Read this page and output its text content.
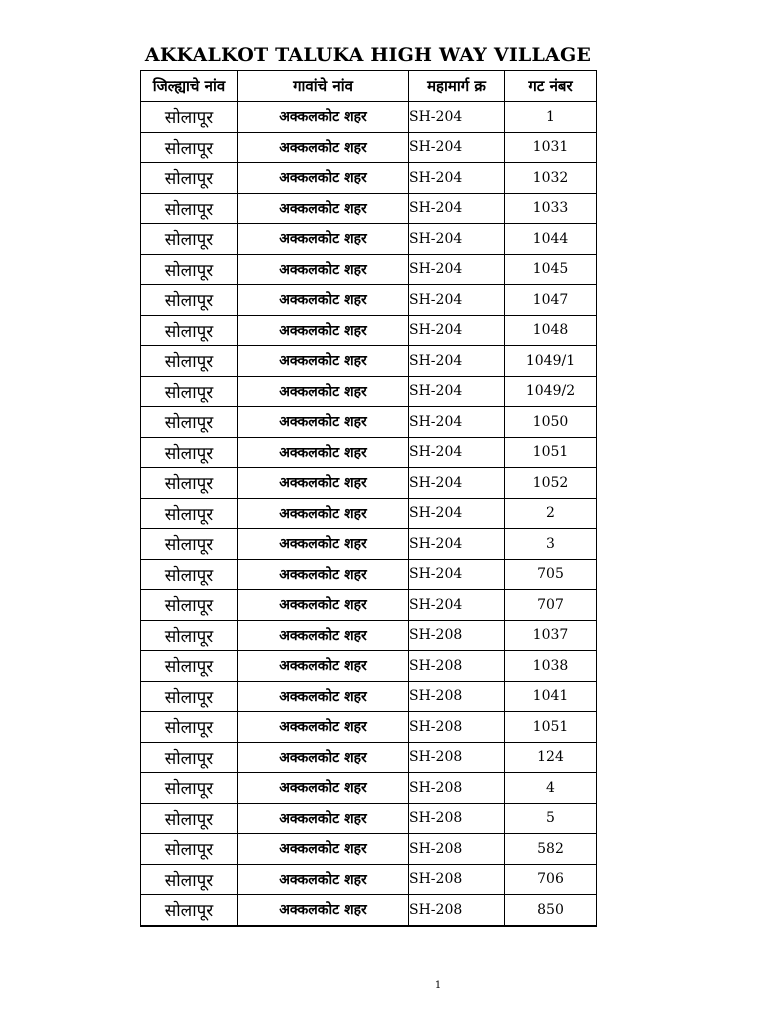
AKKALKOT TALUKA HIGH WAY VILLAGE
जिल्ह्याचे नांव	गावांचे नांव	महामार्ग क्र	गट नंबर
सोलापूर	अक्कलकोट शहर	SH-204	1
सोलापूर	अक्कलकोट शहर	SH-204	1031
सोलापूर	अक्कलकोट शहर	SH-204	1032
सोलापूर	अक्कलकोट शहर	SH-204	1033
सोलापूर	अक्कलकोट शहर	SH-204	1044
सोलापूर	अक्कलकोट शहर	SH-204	1045
सोलापूर	अक्कलकोट शहर	SH-204	1047
सोलापूर	अक्कलकोट शहर	SH-204	1048
सोलापूर	अक्कलकोट शहर	SH-204	1049/1
सोलापूर	अक्कलकोट शहर	SH-204	1049/2
सोलापूर	अक्कलकोट शहर	SH-204	1050
सोलापूर	अक्कलकोट शहर	SH-204	1051
सोलापूर	अक्कलकोट शहर	SH-204	1052
सोलापूर	अक्कलकोट शहर	SH-204	2
सोलापूर	अक्कलकोट शहर	SH-204	3
सोलापूर	अक्कलकोट शहर	SH-204	705
सोलापूर	अक्कलकोट शहर	SH-204	707
सोलापूर	अक्कलकोट शहर	SH-208	1037
सोलापूर	अक्कलकोट शहर	SH-208	1038
सोलापूर	अक्कलकोट शहर	SH-208	1041
सोलापूर	अक्कलकोट शहर	SH-208	1051
सोलापूर	अक्कलकोट शहर	SH-208	124
सोलापूर	अक्कलकोट शहर	SH-208	4
सोलापूर	अक्कलकोट शहर	SH-208	5
सोलापूर	अक्कलकोट शहर	SH-208	582
सोलापूर	अक्कलकोट शहर	SH-208	706
सोलापूर	अक्कलकोट शहर	SH-208	850
1
